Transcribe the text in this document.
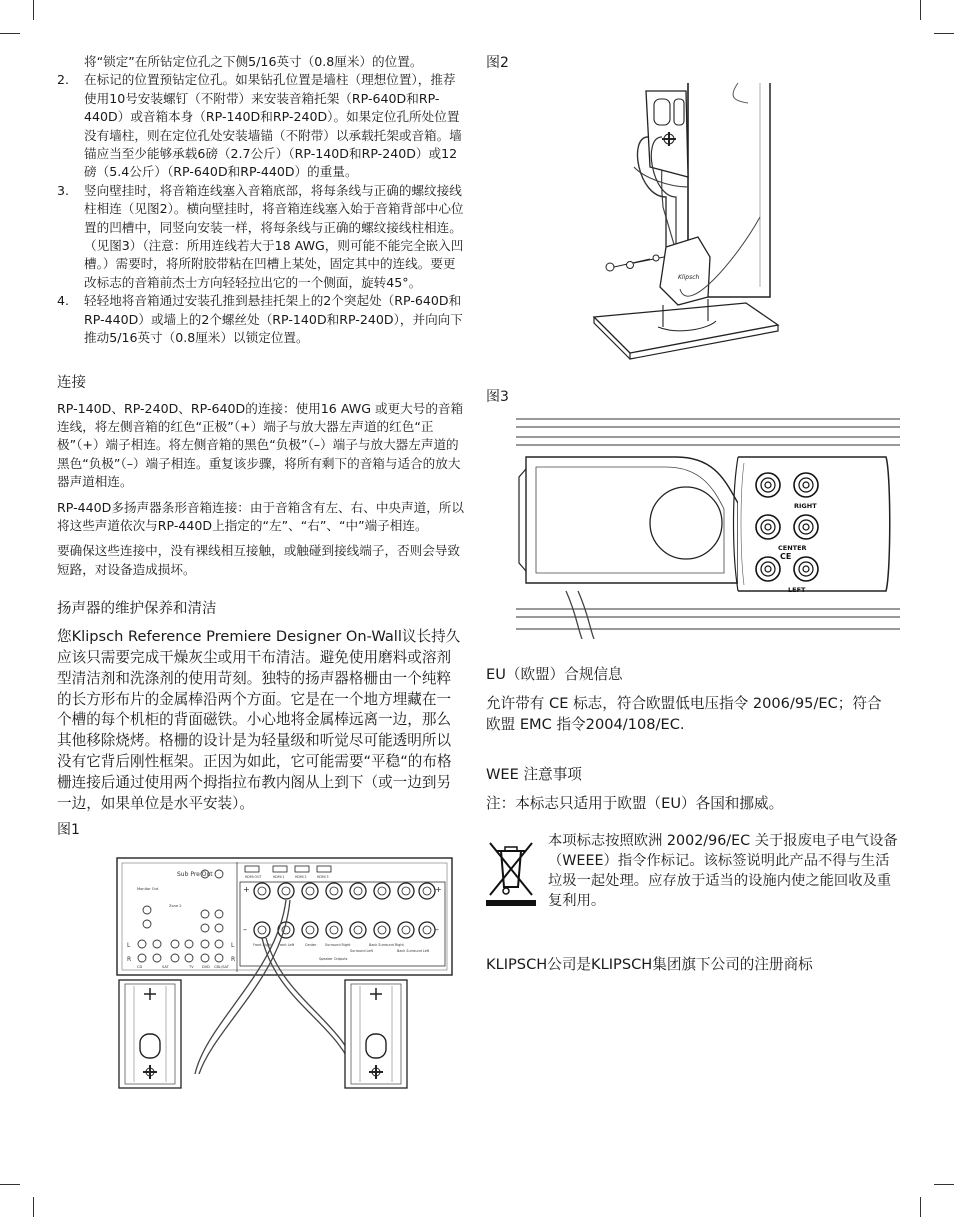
将“锁定”在所钻定位孔之下侧5/16英寸（0.8厘米）的位置。

2. 在标记的位置预钻定位孔。如果钻孔位置是墙柱（理想位置），推荐使用10号安装螺钉（不附带）来安装音箱托架（RP-640D和RP-440D）或音箱本身（RP-140D和RP-240D）。如果定位孔所处位置没有墙柱，则在定位孔处安装墙锚（不附带）以承载托架或音箱。墙锚应当至少能够承载6磅（2.7公斤）（RP-140D和RP-240D）或12磅（5.4公斤）（RP-640D和RP-440D）的重量。
3. 竖向壁挂时，将音箱连线塞入音箱底部，将每条线与正确的螺纹接线柱相连（见图2）。横向壁挂时，将音箱连线塞入始于音箱背部中心位置的凹槽中，同竖向安装一样，将每条线与正确的螺纹接线柱相连。（见图3）（注意：所用连线若大于18 AWG，则可能不能完全嵌入凹槽。）需要时，将所附胶带粘在凹槽上某处，固定其中的连线。要更改标志的音箱前杰士方向轻轻拉出它的一个侧面，旋转45°。
4. 轻轻地将音箱通过安装孔推到悬挂托架上的2个突起处（RP-640D和RP-440D）或墙上的2个螺丝处（RP-140D和RP-240D），并向向下推动5/16英寸（0.8厘米）以锁定位置。
连接

RP-140D、RP-240D、RP-640D的连接：使用16 AWG 或更大号的音箱连线，将左侧音箱的红色“正极”（+）端子与放大器左声道的红色“正极”（+）端子相连。将左侧音箱的黑色“负极”（–）端子与放大器左声道的黑色“负极”（–）端子相连。重复该步骤，将所有剩下的音箱与适合的放大器声道相连。

RP-440D多扬声器条形音箱连接：由于音箱含有左、右、中央声道，所以将这些声道依次与RP-440D上指定的“左”、“右”、“中”端子相连。

要确保这些连接中，没有裸线相互接触，或触碰到接线端子，否则会导致短路，对设备造成损坏。

扬声器的维护保养和清洁

您Klipsch Reference Premiere Designer On-Wall议长持久应该只需要完成干燥灰尘或用干布清洁。避免使用磨料或溶剂型清洁剂和洗涤剂的使用苛刻。独特的扬声器格栅由一个纯粹的长方形布片的金属棒沿两个方面。它是在一个地方埋藏在一个槽的每个机柜的背面磁铁。小心地将金属棒远离一边，那么其他移除烧烤。格栅的设计是为轻量级和听觉尽可能透明所以没有它背后刚性框架。正因为如此，它可能需要“平稳“的布格栅连接后通过使用两个拇指拉布教内阁从上到下（或一边到另一边，如果单位是水平安装）。

图1

Sub Pre Out
Monitor Out
Zone 2
L
R
L
R
CD	SAT	TV DVD CBL/SAT
HDMI OUT	HDMI 1	HDMI 2	HDMI 3
+	+
–	–
Front Right Front Left	Center	Surround Right
Surround Left
Back Surround Right
Back Surround Left
Speaker Outputs

图2

Klipsch

图3

RIGHT
CENTER
LEFT
CE
EU（欧盟）合规信息

允许带有 CE 标志，符合欧盟低电压指令 2006/95/EC；符合欧盟 EMC 指令2004/108/EC.

WEE 注意事项

注：本标志只适用于欧盟（EU）各国和挪威。

本项标志按照欧洲 2002/96/EC 关于报废电子电气设备（WEEE）指令作标记。该标签说明此产品不得与生活垃圾一起处理。应存放于适当的设施内使之能回收及重复利用。

KLIPSCH公司是KLIPSCH集团旗下公司的注册商标
